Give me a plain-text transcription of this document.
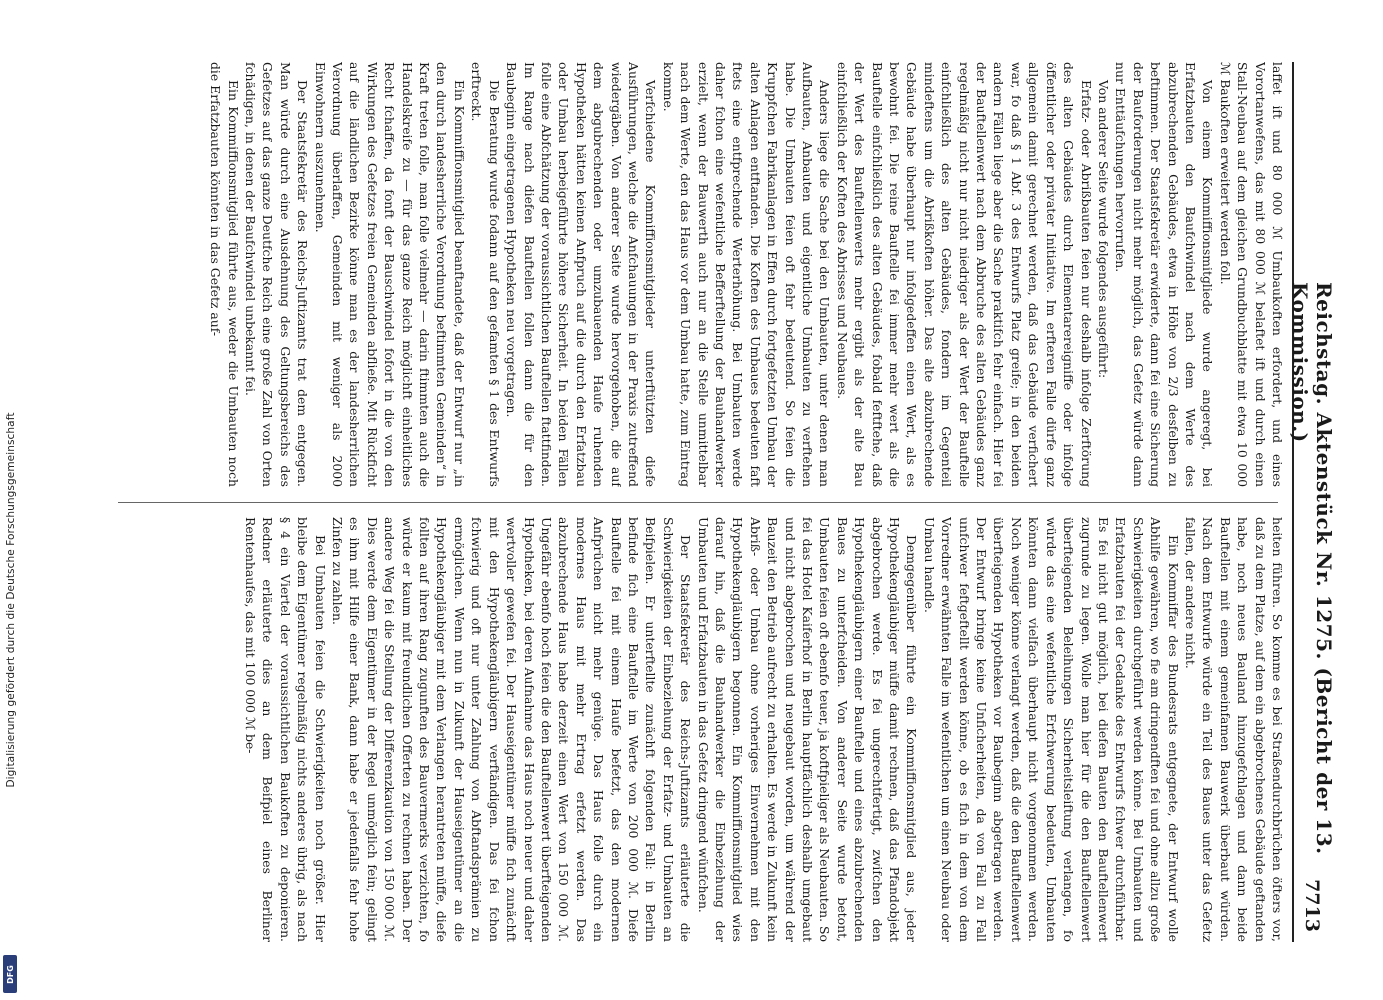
Digitalisierung gefördert durch die Deutsche Forschungsgemeinschaft
DFG
Reichstag. Aktenstück Nr. 1275. (Bericht der 13. Kommission.)
7713

laffet ift und 80 000 ℳ Umbaukoften erfordert, und eines Vorortanwefens, das mit 80 000 ℳ belaftet ift und durch einen Stall-Neubau auf dem gleichen Grundbuchblatte mit etwa 10 000 ℳ Baukoften erweitert werden foll.

Von einem Kommiffionsmitgliede wurde angeregt, bei Erfatzbauten den Baufchwindel nach dem Werte des abzubrechenden Gebäudes, etwa in Höhe von 2/3 desfelben zu beftimmen. Der Staatsfekretär erwiderte, dann fei eine Sicherung der Bauforderungen nicht mehr möglich, das Gefetz würde dann nur Enttäufchungen hervorrufen.

Von anderer Seite wurde folgendes ausgeführt:

Erfatz- oder Abrißbauten feien nur deshalb infolge Zerftörung des alten Gebäudes durch Elementarereigniffe oder infolge öffentlicher oder privater Initiative. Im erfteren Falle dürfe ganz allgemein damit gerechnet werden, daß das Gebäude verfichert war, fo daß § 1 Abf. 3 des Entwurfs Platz greife; in den beiden andern Fällen liege aber die Sache praktifch fehr einfach. Hier fei der Bauftellenwert nach dem Abbruche des alten Gebäudes ganz regelmäßig nicht nur nicht niedriger als der Wert der Bauftelle einfchließlich des alten Gebäudes, fondern im Gegenteil mindeftens um die Abrißkoften höher. Das alte abzubrechende Gebäude habe überhaupt nur infolgedeffen einen Wert, als es bewohnt fei. Die reine Bauftelle fei immer mehr wert als die Bauftelle einfchließlich des alten Gebäudes, fobald feftftehe, daß der Wert des Bauftellenwerts mehr ergibt als der alte Bau einfchließlich der Koften des Abrisses und Neubaues.

Anders liege die Sache bei den Umbauten, unter denen man Aufbauten, Anbauten und eigentliche Umbauten zu verftehen habe. Die Umbauten feien oft fehr bedeutend. So feien die Kruppfchen Fabrikanlagen in Effen durch fortgefetzten Umbau der alten Anlagen entftanden. Die Koften des Umbaues bedeuten faft ftets eine entfprechende Werterhöhung. Bei Umbauten werde daher fchon eine wefentliche Befferftellung der Bauhandwerker erzielt, wenn der Bauwerth auch nur an die Stelle unmittelbar nach dem Werte, den das Haus vor dem Umbau hatte, zum Eintrag komme.

Verfchiedene Kommiffionsmitglieder unterftützten diefe Ausführungen, welche die Anfchauungen in der Praxis zutreffend wiedergäben. Von anderer Seite wurde hervorgehoben, die auf dem abgubrechenden oder umzubauenden Haufe ruhenden Hypotheken hätten keinen Anfpruch auf die durch den Erfatzbau oder Umbau herbeigeführte höhere Sicherheit. In beiden Fällen folle eine Abfchätzung der voraussichtlichen Bauftellen ftattfinden. Im Range nach diefen Bauftellen follen dann die für den Baubeginn eingetragenen Hypotheken neu vorgetragen.

Die Beratung wurde fodann auf den gefamten § 1 des Entwurfs erftreckt.

Ein Kommiffionsmitglied beanftandete, daß der Entwurf nur „in den durch landesherrliche Verordnung beftimmten Gemeinden“ in Kraft treten folle, man folle vielmehr — darin ftimmten auch die Handelskreife zu — für das ganze Reich möglichft einheitliches Recht fchaffen, da fonft der Bauschwindel fofort in die von den Wirkungen des Gefetzes freien Gemeinden abfließe. Mit Rückficht auf die ländlichen Bezirke könne man es der landesherrlichen Verordnung überlaffen, Gemeinden mit weniger als 2000 Einwohnern auszunehmen.

Der Staatsfekretär des Reichs-Juftizamts trat dem entgegen. Man würde durch eine Ausdehnung des Geltungsbereichs des Gefetzes auf das ganze Deutfche Reich eine große Zahl von Orten fchädigen, in denen der Baufchwindel unbekannt fei.

Ein Kommiffionsmitglied führte aus, weder die Umbauten noch die Erfatzbauten könnten in das Gefetz auf-

heiten führen. So komme es bei Straßendurchbrüchen öfters vor, daß zu dem Platze, auf dem ein abgebrochenes Gebäude geftanden habe, noch neues Bauland hinzugefchlagen und dann beide Bauftellen mit einem gemeinfamen Bauwerk überbaut würden. Nach dem Entwurfe würde ein Teil des Baues unter das Gefetz fallen, der andere nicht.

Ein Kommiffar des Bundesrats entgegnete, der Entwurf wolle Abhilfe gewähren, wo fie am dringendften fei und ohne allzu große Schwierigkeiten durchgeführt werden könne. Bei Umbauten und Erfatzbauten fei der Gedanke des Entwurfs fchwer durchführbar. Es fei nicht gut möglich, bei diefen Bauten den Bauftellenwert zugrunde zu legen. Wolle man hier für die den Bauftellenwert überfteigenden Beleihungen Sicherheitsleiftung verlangen, fo würde das eine wefentliche Erfchwerung bedeuten, Umbauten könnten dann vielfach überhaupt nicht vorgenommen werden. Noch weniger könne verlangt werden, daß die den Bauftellenwert überfteigenden Hypotheken vor Baubeginn abgetragen werden. Der Entwurf bringe keine Unficherheiten, da von Fall zu Fall unfchwer feftgeftellt werden könne, ob es fich in dem von dem Vorredner erwähnten Falle im wefentlichen um einen Neubau oder Umbau handle.

Demgegenüber führte ein Kommiffionsmitglied aus, jeder Hypothekengläubiger müffe damit rechnen, daß das Pfandobjekt abgebrochen werde. Es fei ungerechtfertigt, zwifchen den Hypothekengläubigern einer Bauftelle und eines abzubrechenden Baues zu unterfcheiden. Von anderer Seite wurde betont, Umbauten feien oft ebenfo teuer, ja koftfpieliger als Neubauten. So fei das Hotel Kaiferhof in Berlin hauptfächlich deshalb umgebaut und nicht abgebrochen und neugebaut worden, um während der Bauzeit den Betrieb aufrecht zu erhalten. Es werde in Zukunft kein Abriß- oder Umbau ohne vorheriges Einvernehmen mit den Hypothekengläubigern begonnen. Ein Kommiffionsmitglied wies darauf hin, daß die Bauhandwerker die Einbeziehung der Umbauten und Erfatzbauten in das Gefetz dringend wünfchen.

Der Staatsfekretär des Reichs-Juftizamts erläuterte die Schwierigkeiten der Einbeziehung der Erfatz- und Umbauten an Beifpielen. Er unterftellte zunächft folgenden Fall: in Berlin befinde fich eine Bauftelle im Werte von 200 000 ℳ. Diefe Bauftelle fei mit einem Haufe befetzt, das den modernen Anfprüchen nicht mehr genüge. Das Haus folle durch ein modernes Haus mit mehr Ertrag erfetzt werden. Das abzubrechende Haus habe derzeit einen Wert von 150 000 ℳ. Ungefähr ebenfo hoch feien die den Bauftellenwert überfteigenden Hypotheken, bei deren Aufnahme das Haus noch neuer und daher wertvoller gewefen fei. Der Hauseigentümer müffe fich zunächft mit den Hypothekengläubigern verftändigen. Das fei fchon fchwierig und oft nur unter Zahlung von Abftandsprämien zu ermöglichen. Wenn nun in Zukunft der Hauseigentümer an die Hypothekengläubiger mit dem Verlangen herantreten müffe, diefe follten auf ihren Rang zugunften des Bauvermerks verzichten, fo würde er kaum mit freundlichen Offerten zu rechnen haben. Der andere Weg fei die Stellung der Differenzkaution von 150 000 ℳ. Dies werde dem Eigentümer in der Regel unmöglich fein; gelingt es ihm mit Hilfe einer Bank, dann habe er jedenfalls fehr hohe Zinfen zu zahlen.

Bei Umbauten feien die Schwierigkeiten noch größer. Hier bleibe dem Eigentümer regelmäßig nichts anderes übrig, als nach § 4 ein Viertel der voraussichtlichen Baukoften zu deponieren. Redner erläuterte dies an dem Beifpiel eines Berliner Rentenhaufes, das mit 100 000 ℳ be-
